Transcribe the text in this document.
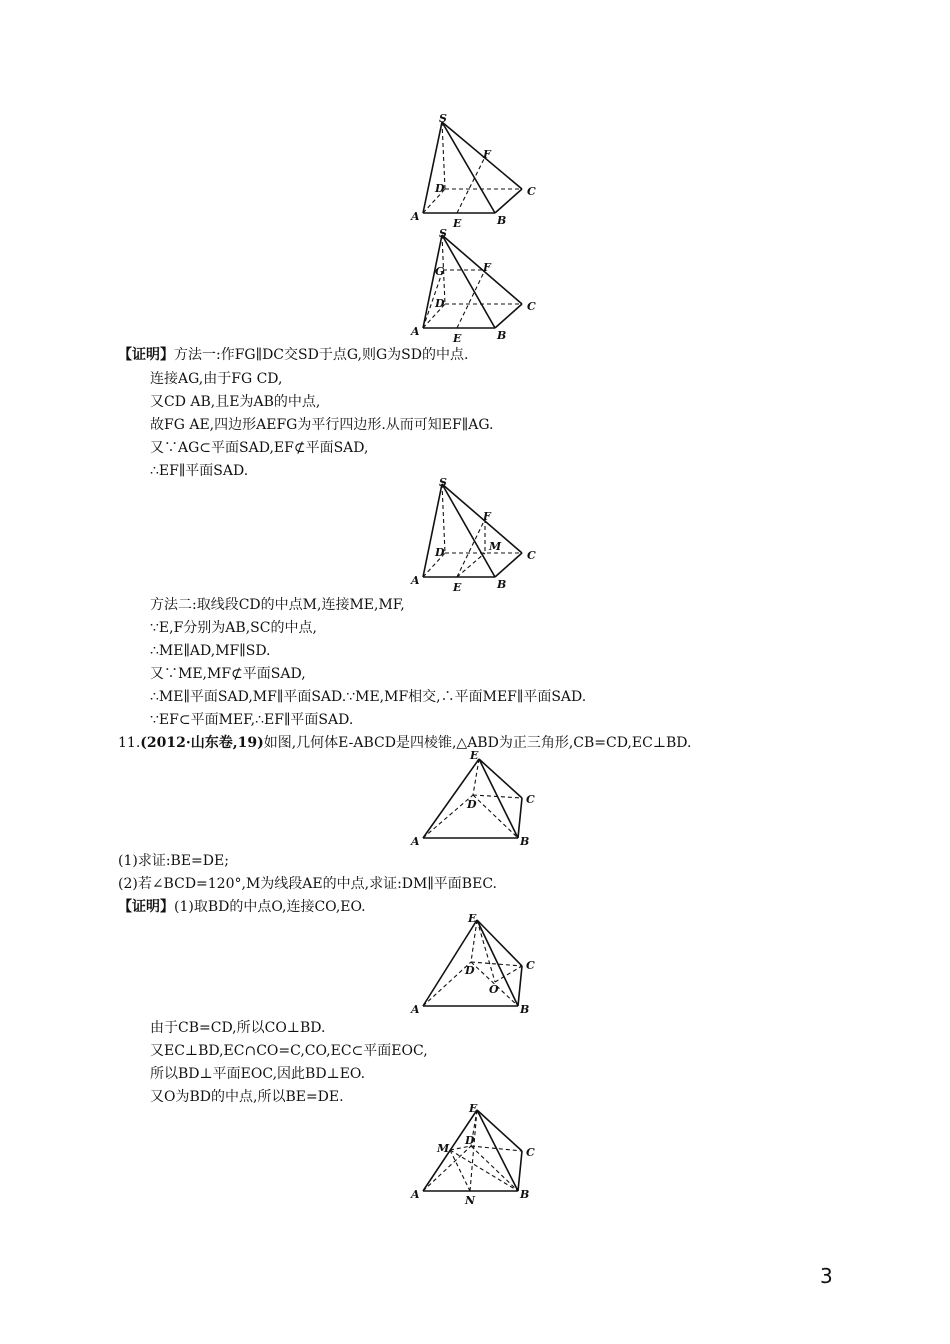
S
F
D	C
A
E	B
S
G	F
D	C
A
E	B
【证明】方法一:作FG∥DC交SD于点G,则G为SD的中点.
连接AG,由于FG CD,
又CD AB,且E为AB的中点,
故FG AE,四边形AEFG为平行四边形.从而可知EF∥AG.
又∵AG⊂平面SAD,EF⊄平面SAD,
∴EF∥平面SAD.
S
F
D	M
C
A
E	B
方法二:取线段CD的中点M,连接ME,MF,
∵E,F分别为AB,SC的中点,
∴ME∥AD,MF∥SD.
又∵ME,MF⊄平面SAD,
∴ME∥平面SAD,MF∥平面SAD.∵ME,MF相交,∴平面MEF∥平面SAD.
∵EF⊂平面MEF,∴EF∥平面SAD.
11.(2012·山东卷,19)如图,几何体E-ABCD是四棱锥,△ABD为正三角形,CB=CD,EC⊥BD.
E
D	C
A	B
(1)求证:BE=DE;
(2)若∠BCD=120°,M为线段AE的中点,求证:DM∥平面BEC.
【证明】(1)取BD的中点O,连接CO,EO.
E
D	C
O
A	B
由于CB=CD,所以CO⊥BD.
又EC⊥BD,EC∩CO=C,CO,EC⊂平面EOC,
所以BD⊥平面EOC,因此BD⊥EO.
又O为BD的中点,所以BE=DE.
E
M
D
C
A	N	B
3
